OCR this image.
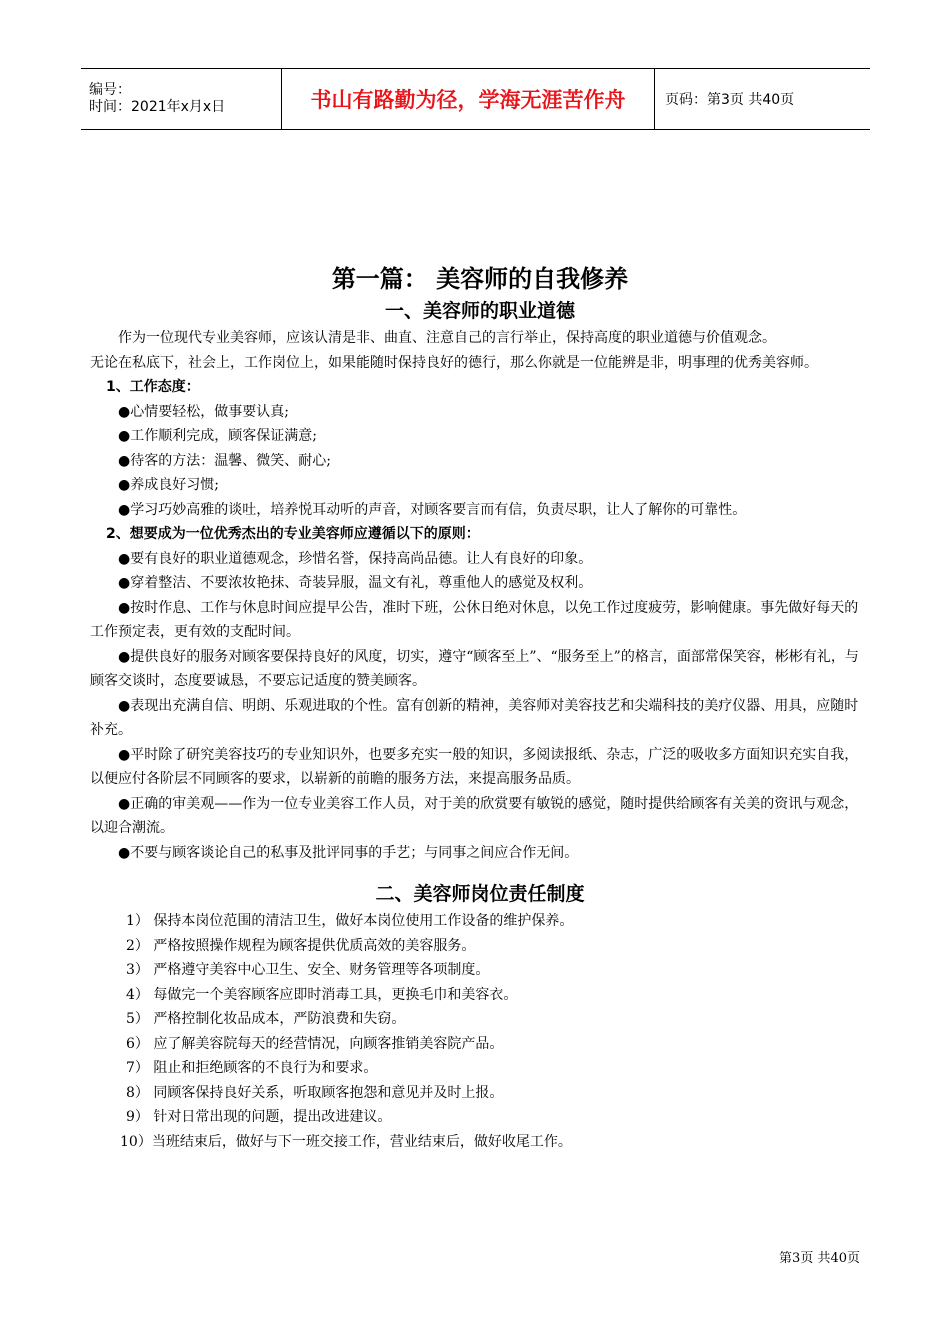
编号：
时间：2021年x月x日	书山有路勤为径，学海无涯苦作舟	页码：第3页 共40页
第一篇： 美容师的自我修养
一、美容师的职业道德

作为一位现代专业美容师，应该认清是非、曲直、注意自己的言行举止，保持高度的职业道德与价值观念。

无论在私底下，社会上，工作岗位上，如果能随时保持良好的德行，那么你就是一位能辨是非，明事理的优秀美容师。

1、工作态度：

●心情要轻松，做事要认真;

●工作顺利完成，顾客保证满意;

●待客的方法：温馨、微笑、耐心;

●养成良好习惯;

●学习巧妙高雅的谈吐，培养悦耳动听的声音，对顾客要言而有信，负责尽职，让人了解你的可靠性。

2、想要成为一位优秀杰出的专业美容师应遵循以下的原则：

●要有良好的职业道德观念，珍惜名誉，保持高尚品德。让人有良好的印象。

●穿着整洁、不要浓妆艳抹、奇装异服，温文有礼，尊重他人的感觉及权利。

●按时作息、工作与休息时间应提早公告，准时下班，公休日绝对休息，以免工作过度疲劳，影响健康。事先做好每天的工作预定表，更有效的支配时间。

●提供良好的服务对顾客要保持良好的风度，切实，遵守“顾客至上”、“服务至上”的格言，面部常保笑容，彬彬有礼，与顾客交谈时，态度要诚恳，不要忘记适度的赞美顾客。

●表现出充满自信、明朗、乐观进取的个性。富有创新的精神，美容师对美容技艺和尖端科技的美疗仪器、用具，应随时补充。

●平时除了研究美容技巧的专业知识外，也要多充实一般的知识，多阅读报纸、杂志，广泛的吸收多方面知识充实自我，以便应付各阶层不同顾客的要求，以崭新的前瞻的服务方法，来提高服务品质。

●正确的审美观——作为一位专业美容工作人员，对于美的欣赏要有敏锐的感觉，随时提供给顾客有关美的资讯与观念，以迎合潮流。

●不要与顾客谈论自己的私事及批评同事的手艺；与同事之间应合作无间。

二、美容师岗位责任制度

1） 保持本岗位范围的清洁卫生，做好本岗位使用工作设备的维护保养。

2） 严格按照操作规程为顾客提供优质高效的美容服务。

3） 严格遵守美容中心卫生、安全、财务管理等各项制度。

4） 每做完一个美容顾客应即时消毒工具，更换毛巾和美容衣。

5） 严格控制化妆品成本，严防浪费和失窃。

6） 应了解美容院每天的经营情况，向顾客推销美容院产品。

7） 阻止和拒绝顾客的不良行为和要求。

8） 同顾客保持良好关系，听取顾客抱怨和意见并及时上报。

9） 针对日常出现的问题，提出改进建议。

10）当班结束后，做好与下一班交接工作，营业结束后，做好收尾工作。

第3页 共40页
